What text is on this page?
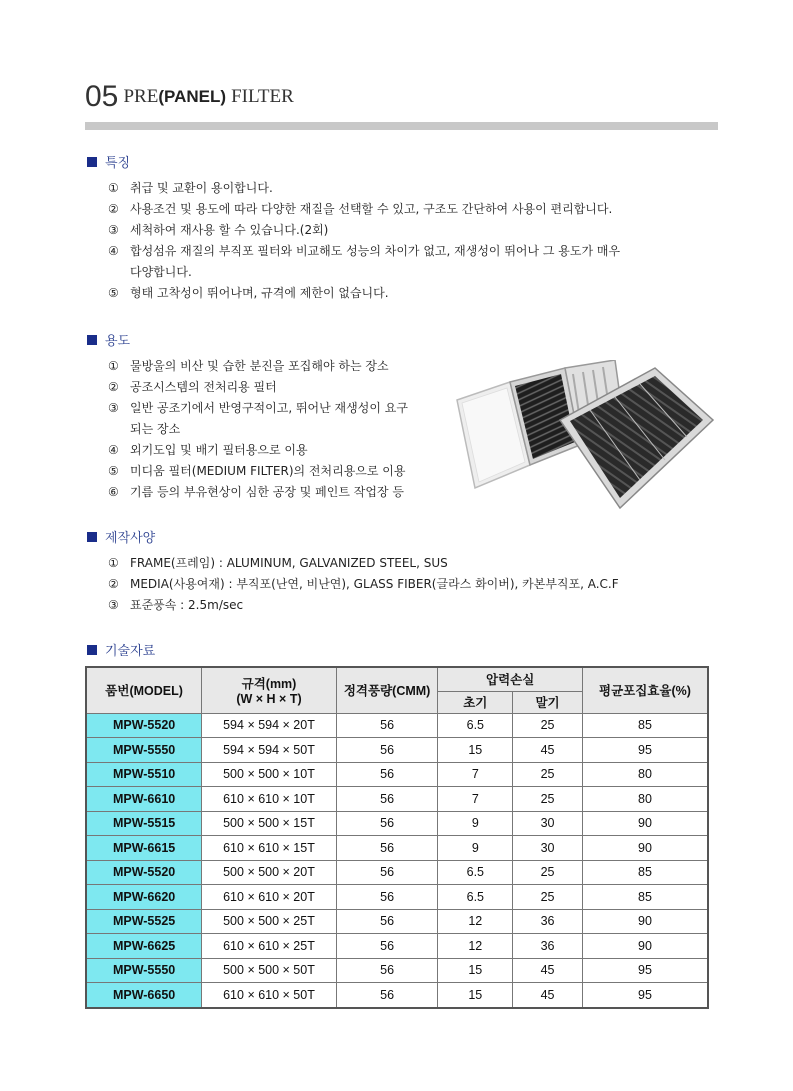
05 PRE(PANEL) FILTER
특징
① 취급 및 교환이 용이합니다.
② 사용조건 및 용도에 따라 다양한 재질을 선택할 수 있고, 구조도 간단하여 사용이 편리합니다.
③ 세척하여 재사용 할 수 있습니다.(2회)
④ 합성섬유 재질의 부직포 필터와 비교해도 성능의 차이가 없고, 재생성이 뛰어나 그 용도가 매우
다양합니다.
⑤ 형태 고착성이 뛰어나며, 규격에 제한이 없습니다.
용도
① 물방울의 비산 및 습한 분진을 포집해야 하는 장소
② 공조시스템의 전처리용 필터
③ 일반 공조기에서 반영구적이고, 뛰어난 재생성이 요구
되는 장소
④ 외기도입 및 배기 필터용으로 이용
⑤ 미디움 필터(MEDIUM FILTER)의 전처리용으로 이용
⑥ 기름 등의 부유현상이 심한 공장 및 페인트 작업장 등
제작사양
① FRAME(프레임) : ALUMINUM, GALVANIZED STEEL, SUS
② MEDIA(사용여재) : 부직포(난연, 비난연), GLASS FIBER(글라스 화이버), 카본부직포, A.C.F
③ 표준풍속 : 2.5m/sec
기술자료
품번(MODEL)	규격(mm)
(W × H × T)	정격풍량(CMM)	압력손실		평균포집효율(%)
			초기	말기	
MPW-5520	594 × 594 × 20T	56	6.5	25	85
MPW-5550	594 × 594 × 50T	56	15	45	95
MPW-5510	500 × 500 × 10T	56	7	25	80
MPW-6610	610 × 610 × 10T	56	7	25	80
MPW-5515	500 × 500 × 15T	56	9	30	90
MPW-6615	610 × 610 × 15T	56	9	30	90
MPW-5520	500 × 500 × 20T	56	6.5	25	85
MPW-6620	610 × 610 × 20T	56	6.5	25	85
MPW-5525	500 × 500 × 25T	56	12	36	90
MPW-6625	610 × 610 × 25T	56	12	36	90
MPW-5550	500 × 500 × 50T	56	15	45	95
MPW-6650	610 × 610 × 50T	56	15	45	95
